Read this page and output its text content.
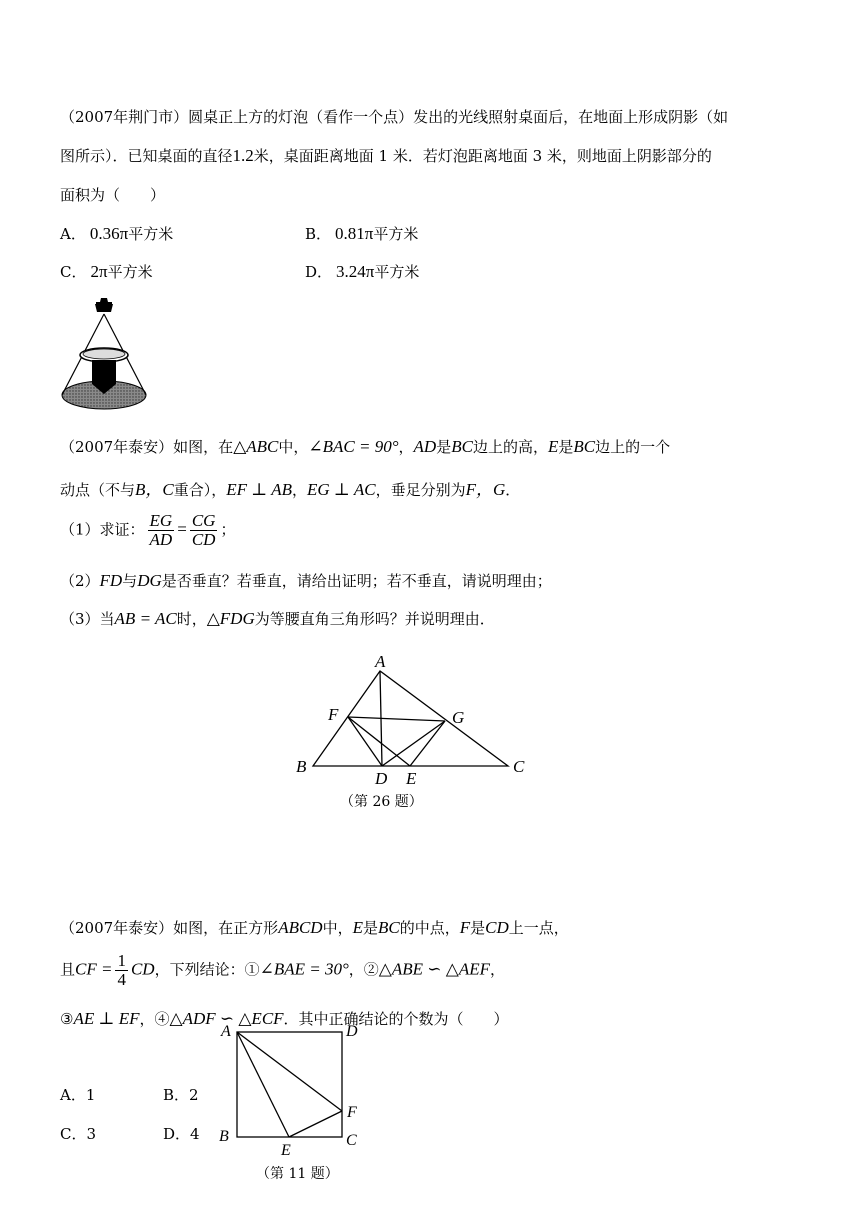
（2007年荆门市）圆桌正上方的灯泡（看作一个点）发出的光线照射桌面后，在地面上形成阴影（如
图所示）．已知桌面的直径1.2米，桌面距离地面 1 米．若灯泡距离地面 3 米，则地面上阴影部分的
面积为（　　）
A． 0.36π平方米	B． 0.81π平方米
C． 2π平方米	D． 3.24π平方米
（2007年泰安）如图，在△ABC中，∠BAC = 90°，AD是BC边上的高，E是BC边上的一个
动点（不与B，C重合），EF ⊥ AB，EG ⊥ AC，垂足分别为F，G．
（1）求证： $\frac{EG}{AD} = \frac{CG}{CD}$ ；
（2）FD与DG是否垂直？若垂直，请给出证明；若不垂直，请说明理由；
（3）当AB = AC时，△FDG为等腰直角三角形吗？并说明理由．
A
B	C
D E
F	G
（第 26 题）
（2007年泰安）如图，在正方形ABCD中，E是BC的中点，F是CD上一点，
且CF = $\frac{1}{4}$ CD，下列结论：①∠BAE = 30°，②△ABE ∽ △AEF，
③AE ⊥ EF，④△ADF ∽ △ECF．其中正确结论的个数为（　　）
A．1	B．2
C．3	D．4
A	D
B	C
E
F
（第 11 题）
